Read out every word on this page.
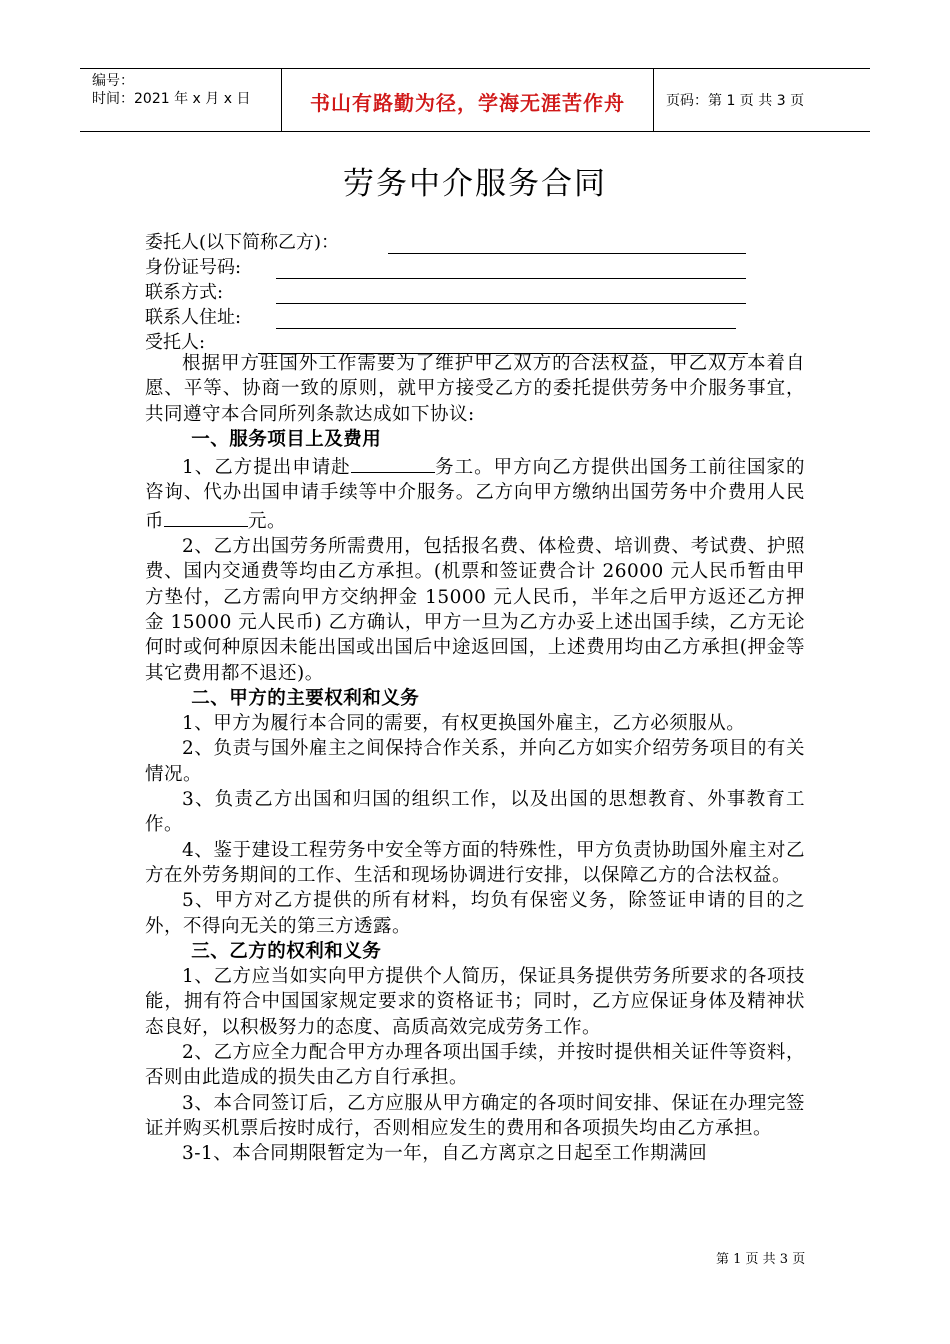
编号：
时间：2021 年 x 月 x 日	书山有路勤为径，学海无涯苦作舟	页码：第 1 页 共 3 页
劳务中介服务合同
委托人(以下简称乙方)：
身份证号码:
联系方式:
联系人住址:
受托人:

根据甲方驻国外工作需要为了维护甲乙双方的合法权益，甲乙双方本着自愿、平等、协商一致的原则，就甲方接受乙方的委托提供劳务中介服务事宜，共同遵守本合同所列条款达成如下协议:

一、服务项目上及费用

1、乙方提出申请赴	务工。甲方向乙方提供出国务工前往国家的咨询、代办出国申请手续等中介服务。乙方向甲方缴纳出国劳务中介费用人民币	元。

2、乙方出国劳务所需费用，包括报名费、体检费、培训费、考试费、护照费、国内交通费等均由乙方承担。(机票和签证费合计 26000 元人民币暂由甲方垫付，乙方需向甲方交纳押金 15000 元人民币，半年之后甲方返还乙方押金 15000 元人民币) 乙方确认，甲方一旦为乙方办妥上述出国手续，乙方无论何时或何种原因未能出国或出国后中途返回国，上述费用均由乙方承担(押金等其它费用都不退还)。

二、甲方的主要权利和义务

1、甲方为履行本合同的需要，有权更换国外雇主，乙方必须服从。

2、负责与国外雇主之间保持合作关系，并向乙方如实介绍劳务项目的有关情况。

3、负责乙方出国和归国的组织工作，以及出国的思想教育、外事教育工作。

4、鉴于建设工程劳务中安全等方面的特殊性，甲方负责协助国外雇主对乙方在外劳务期间的工作、生活和现场协调进行安排，以保障乙方的合法权益。

5、甲方对乙方提供的所有材料，均负有保密义务，除签证申请的目的之外，不得向无关的第三方透露。

三、乙方的权利和义务

1、乙方应当如实向甲方提供个人简历，保证具务提供劳务所要求的各项技能，拥有符合中国国家规定要求的资格证书；同时，乙方应保证身体及精神状态良好，以积极努力的态度、高质高效完成劳务工作。

2、乙方应全力配合甲方办理各项出国手续，并按时提供相关证件等资料，否则由此造成的损失由乙方自行承担。

3、本合同签订后，乙方应服从甲方确定的各项时间安排、保证在办理完签证并购买机票后按时成行，否则相应发生的费用和各项损失均由乙方承担。

3-1、本合同期限暂定为一年，自乙方离京之日起至工作期满回

第 1 页 共 3 页
